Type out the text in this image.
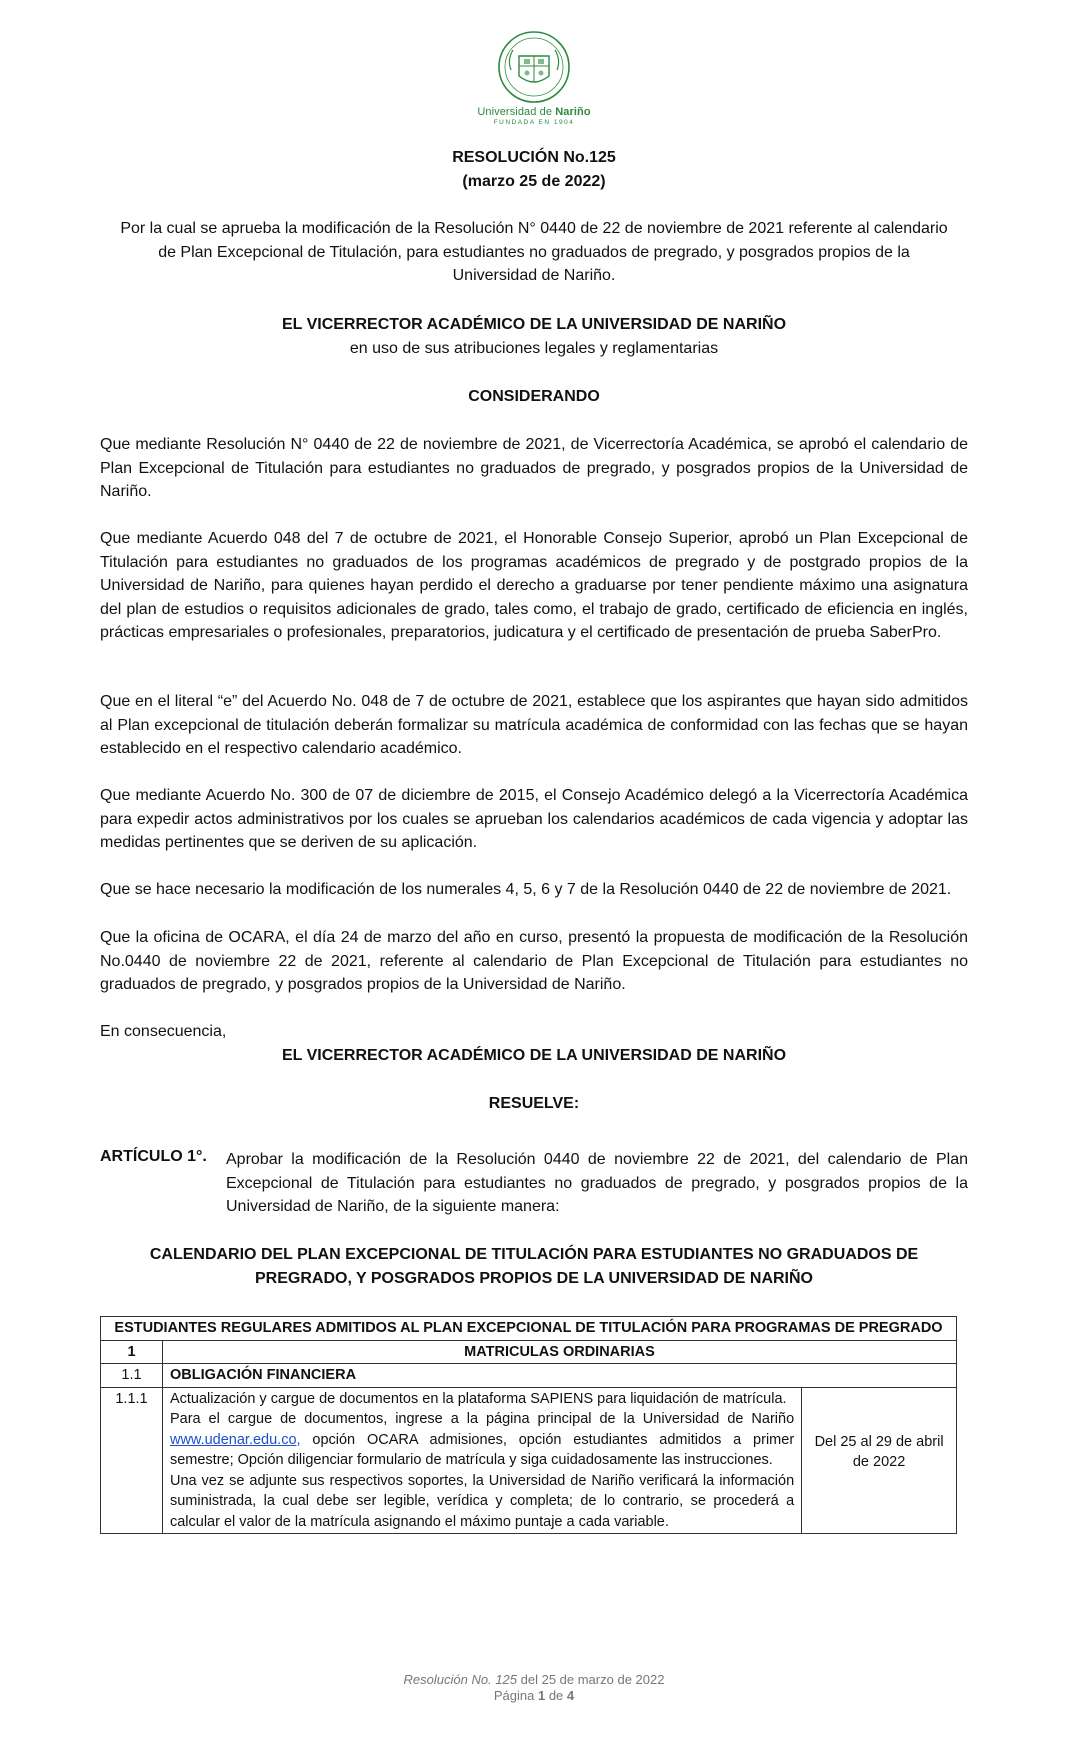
Universidad de Nariño
FUNDADA EN 1904
RESOLUCIÓN No.125
(marzo 25 de 2022)
Por la cual se aprueba la modificación de la Resolución N° 0440 de 22 de noviembre de 2021 referente al calendario de Plan Excepcional de Titulación, para estudiantes no graduados de pregrado, y posgrados propios de la Universidad de Nariño.
EL VICERRECTOR ACADÉMICO DE LA UNIVERSIDAD DE NARIÑO
en uso de sus atribuciones legales y reglamentarias
CONSIDERANDO
Que mediante Resolución N° 0440 de 22 de noviembre de 2021, de Vicerrectoría Académica, se aprobó el calendario de Plan Excepcional de Titulación para estudiantes no graduados de pregrado, y posgrados propios de la Universidad de Nariño.
Que mediante Acuerdo 048 del 7 de octubre de 2021, el Honorable Consejo Superior, aprobó un Plan Excepcional de Titulación para estudiantes no graduados de los programas académicos de pregrado y de postgrado propios de la Universidad de Nariño, para quienes hayan perdido el derecho a graduarse por tener pendiente máximo una asignatura del plan de estudios o requisitos adicionales de grado, tales como, el trabajo de grado, certificado de eficiencia en inglés, prácticas empresariales o profesionales, preparatorios, judicatura y el certificado de presentación de prueba SaberPro.
Que en el literal “e” del Acuerdo No. 048 de 7 de octubre de 2021, establece que los aspirantes que hayan sido admitidos al Plan excepcional de titulación deberán formalizar su matrícula académica de conformidad con las fechas que se hayan establecido en el respectivo calendario académico.
Que mediante Acuerdo No. 300 de 07 de diciembre de 2015, el Consejo Académico delegó a la Vicerrectoría Académica para expedir actos administrativos por los cuales se aprueban los calendarios académicos de cada vigencia y adoptar las medidas pertinentes que se deriven de su aplicación.
Que se hace necesario la modificación de los numerales 4, 5, 6 y 7 de la Resolución 0440 de 22 de noviembre de 2021.
Que la oficina de OCARA, el día 24 de marzo del año en curso, presentó la propuesta de modificación de la Resolución No.0440 de noviembre 22 de 2021, referente al calendario de Plan Excepcional de Titulación para estudiantes no graduados de pregrado, y posgrados propios de la Universidad de Nariño.
En consecuencia,
EL VICERRECTOR ACADÉMICO DE LA UNIVERSIDAD DE NARIÑO
RESUELVE:
ARTÍCULO 1°. Aprobar la modificación de la Resolución 0440 de noviembre 22 de 2021, del calendario de Plan Excepcional de Titulación para estudiantes no graduados de pregrado, y posgrados propios de la Universidad de Nariño, de la siguiente manera:
CALENDARIO DEL PLAN EXCEPCIONAL DE TITULACIÓN PARA ESTUDIANTES NO GRADUADOS DE PREGRADO, Y POSGRADOS PROPIOS DE LA UNIVERSIDAD DE NARIÑO
ESTUDIANTES REGULARES ADMITIDOS AL PLAN EXCEPCIONAL DE TITULACIÓN PARA PROGRAMAS DE PREGRADO		
1	MATRICULAS ORDINARIAS	
1.1	OBLIGACIÓN FINANCIERA	
1.1.1	Actualización y cargue de documentos en la plataforma SAPIENS para liquidación de matrícula.
Para el cargue de documentos, ingrese a la página principal de la Universidad de Nariño www.udenar.edu.co, opción OCARA admisiones, opción estudiantes admitidos a primer semestre; Opción diligenciar formulario de matrícula y siga cuidadosamente las instrucciones.
Una vez se adjunte sus respectivos soportes, la Universidad de Nariño verificará la información suministrada, la cual debe ser legible, verídica y completa; de lo contrario, se procederá a calcular el valor de la matrícula asignando el máximo puntaje a cada variable.	Del 25 al 29 de abril de 2022
Resolución No. 125 del 25 de marzo de 2022
Página 1 de 4
